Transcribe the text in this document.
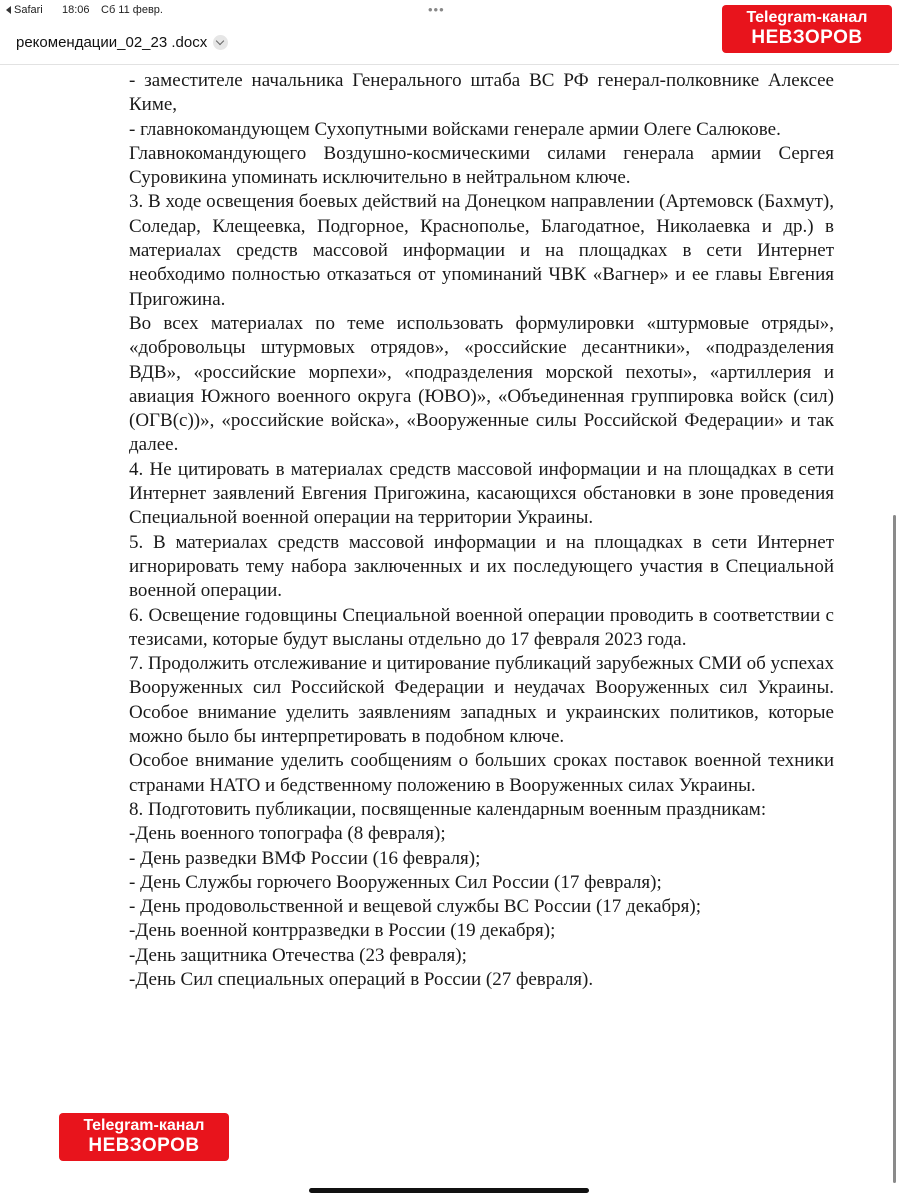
Safari 18:06 Сб 11 февр.	•••
рекомендации_02_23 .docx
Telegram-канал
НЕВЗОРОВ

- заместителе начальника Генерального штаба ВС РФ генерал-полковнике Алексее Киме,

- главнокомандующем Сухопутными войсками генерале армии Олеге Салюкове.

Главнокомандующего Воздушно-космическими силами генерала армии Сергея Суровикина упоминать исключительно в нейтральном ключе.

3. В ходе освещения боевых действий на Донецком направлении (Артемовск (Бахмут), Соледар, Клещеевка, Подгорное, Краснополье, Благодатное, Николаевка и др.) в материалах средств массовой информации и на площадках в сети Интернет необходимо полностью отказаться от упоминаний ЧВК «Вагнер» и ее главы Евгения Пригожина.

Во всех материалах по теме использовать формулировки «штурмовые отряды», «добровольцы штурмовых отрядов», «российские десантники», «подразделения ВДВ», «российские морпехи», «подразделения морской пехоты», «артиллерия и авиация Южного военного округа (ЮВО)», «Объединенная группировка войск (сил) (ОГВ(с))», «российские войска», «Вооруженные силы Российской Федерации» и так далее.

4. Не цитировать в материалах средств массовой информации и на площадках в сети Интернет заявлений Евгения Пригожина, касающихся обстановки в зоне проведения Специальной военной операции на территории Украины.

5. В материалах средств массовой информации и на площадках в сети Интернет игнорировать тему набора заключенных и их последующего участия в Специальной военной операции.

6. Освещение годовщины Специальной военной операции проводить в соответствии с тезисами, которые будут высланы отдельно до 17 февраля 2023 года.

7. Продолжить отслеживание и цитирование публикаций зарубежных СМИ об успехах Вооруженных сил Российской Федерации и неудачах Вооруженных сил Украины. Особое внимание уделить заявлениям западных и украинских политиков, которые можно было бы интерпретировать в подобном ключе.

Особое внимание уделить сообщениям о больших сроках поставок военной техники странами НАТО и бедственному положению в Вооруженных силах Украины.

8. Подготовить публикации, посвященные календарным военным праздникам:

-День военного топографа (8 февраля);

- День разведки ВМФ России (16 февраля);

- День Службы горючего Вооруженных Сил России (17 февраля);

- День продовольственной и вещевой службы ВС России (17 декабря);

-День военной контрразведки в России (19 декабря);

-День защитника Отечества (23 февраля);

-День Сил специальных операций в России (27 февраля).

Telegram-канал
НЕВЗОРОВ
